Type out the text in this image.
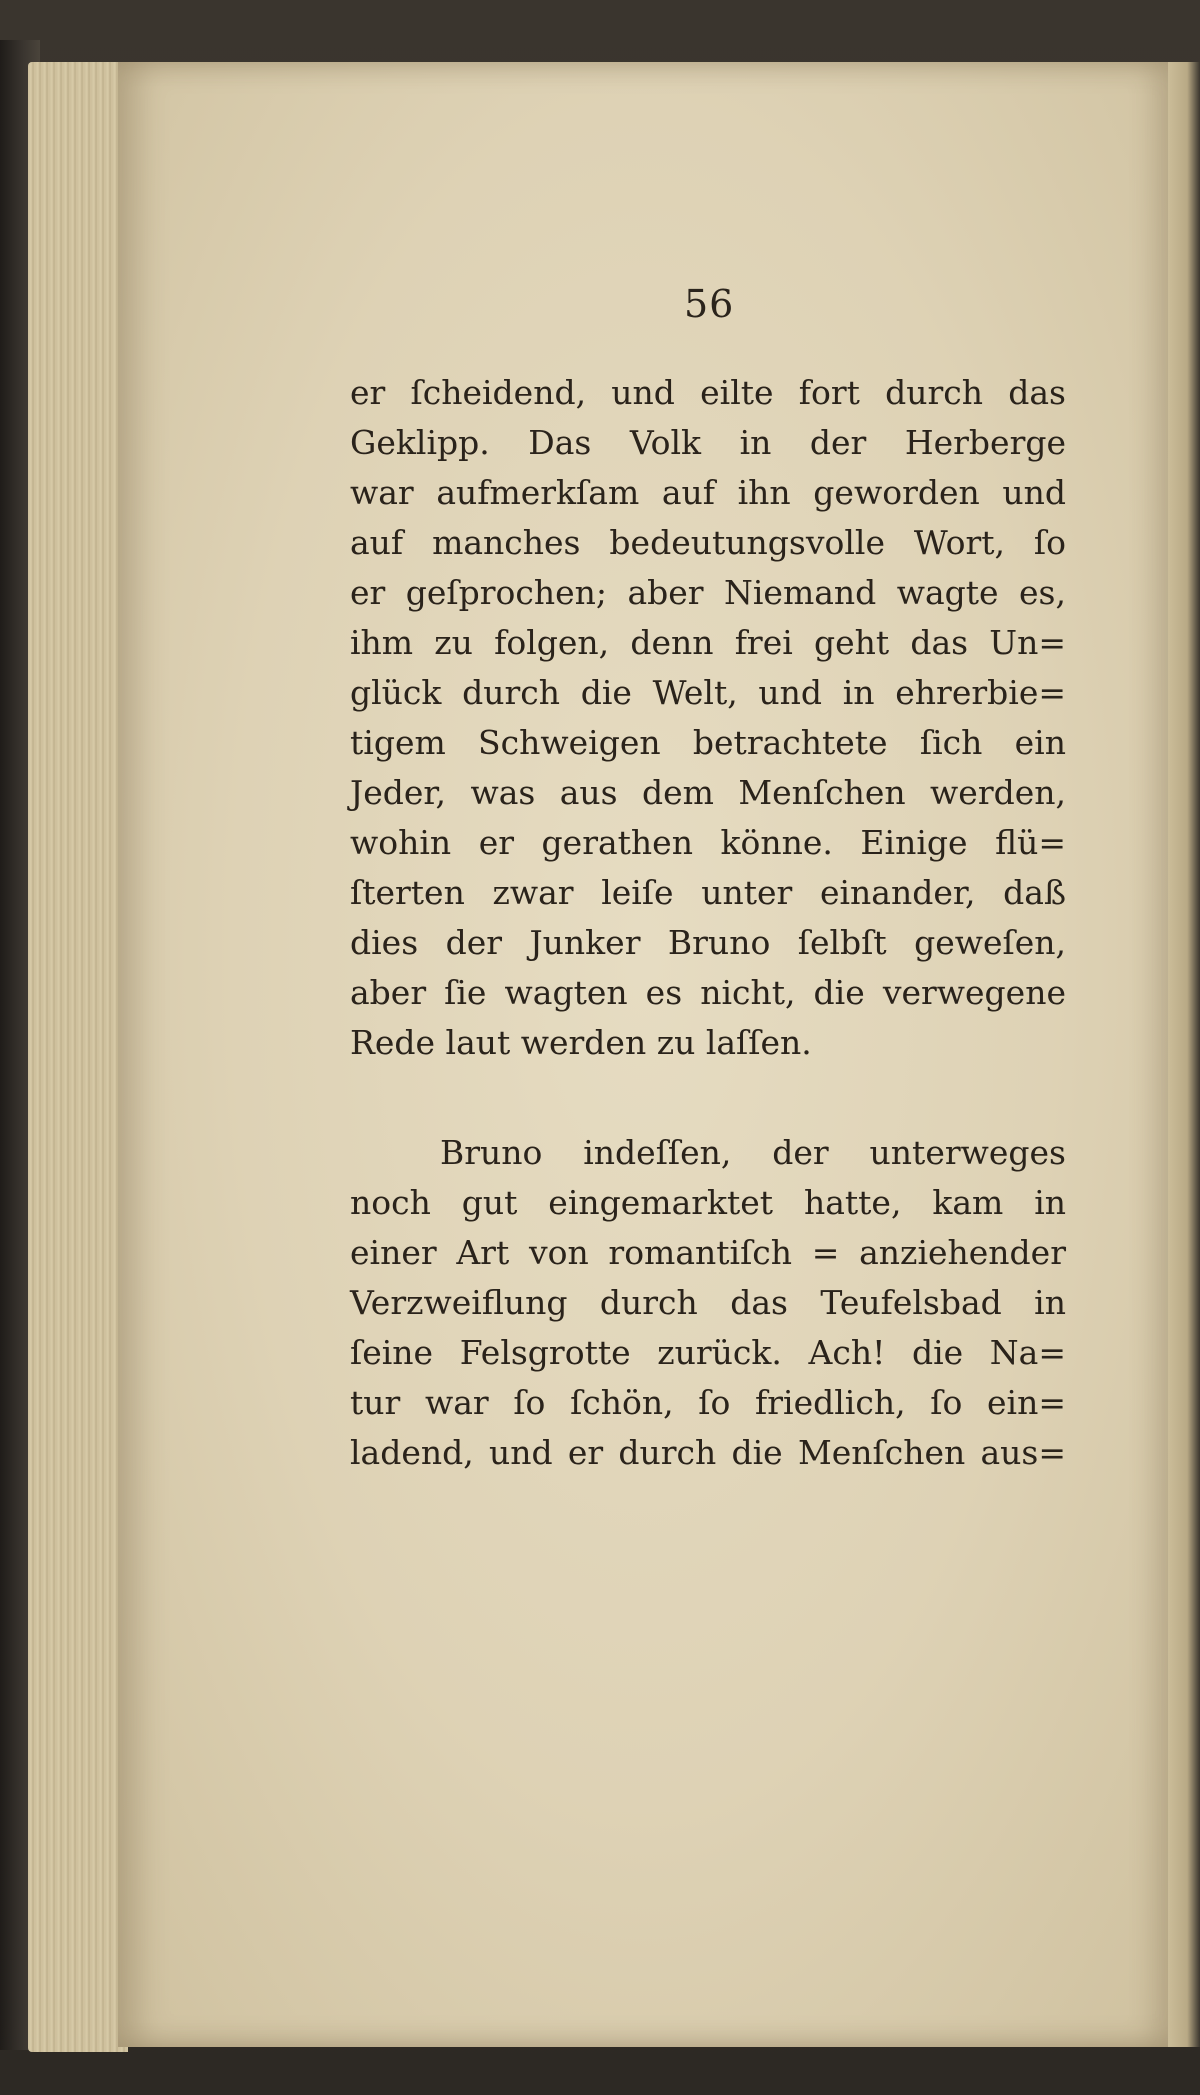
56
er ſcheidend, und eilte fort durch das
Geklipp. Das Volk in der Herberge
war aufmerkſam auf ihn geworden und
auf manches bedeutungsvolle Wort, ſo
er geſprochen; aber Niemand wagte es,
ihm zu folgen, denn frei geht das Un=
glück durch die Welt, und in ehrerbie=
tigem Schweigen betrachtete ſich ein
Jeder, was aus dem Menſchen werden,
wohin er gerathen könne. Einige flü=
ſterten zwar leiſe unter einander, daß
dies der Junker Bruno ſelbſt geweſen,
aber ſie wagten es nicht, die verwegene
Rede laut werden zu laſſen.
Bruno indeſſen, der unterweges
noch gut eingemarktet hatte, kam in
einer Art von romantiſch = anziehender
Verzweiflung durch das Teufelsbad in
ſeine Felsgrotte zurück. Ach! die Na=
tur war ſo ſchön, ſo friedlich, ſo ein=
ladend, und er durch die Menſchen aus=
